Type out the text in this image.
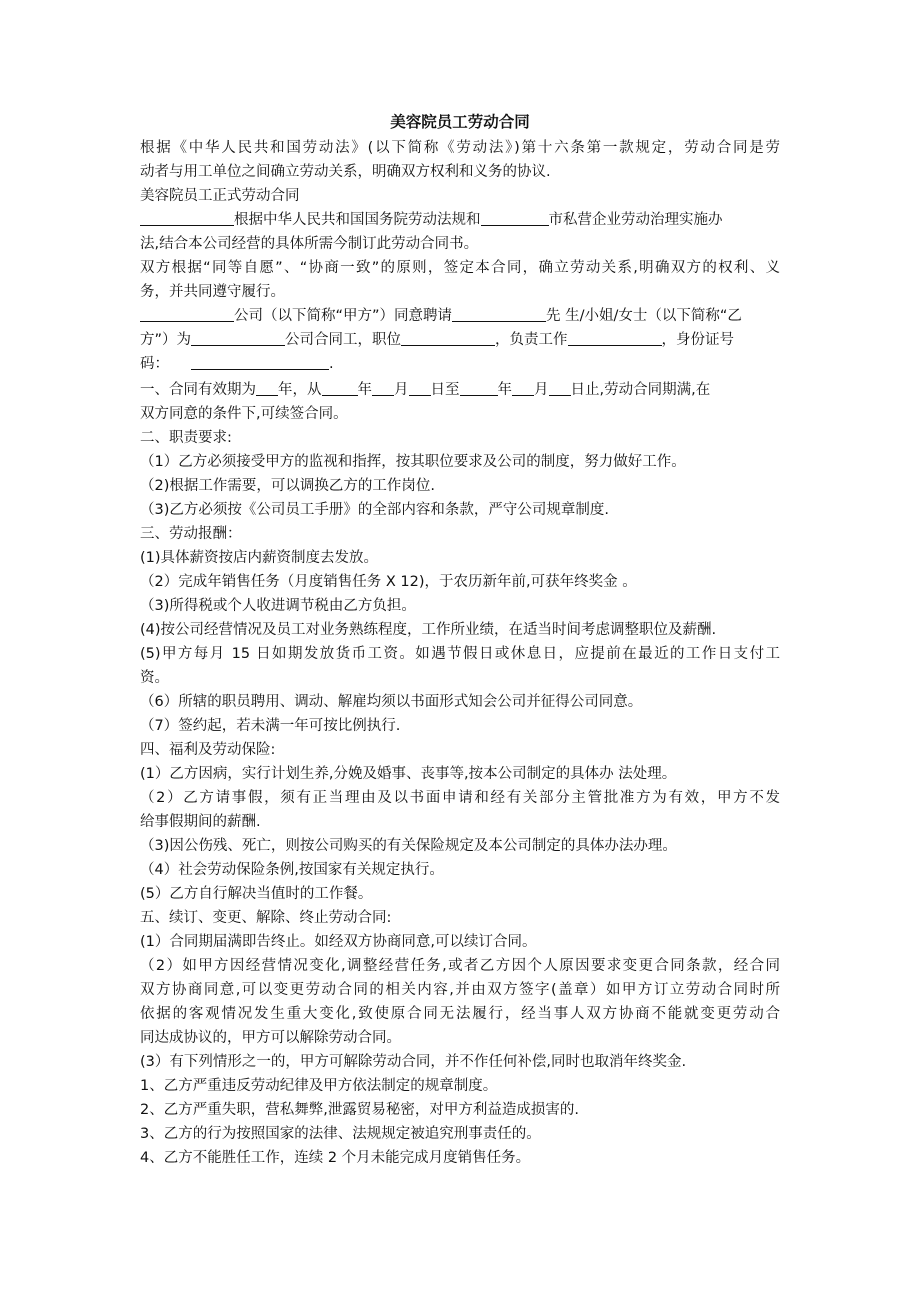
美容院员工劳动合同
根据《中华人民共和国劳动法》(以下简称《劳动法》)第十六条第一款规定，劳动合同是劳
动者与用工单位之间确立劳动关系，明确双方权利和义务的协议.
美容院员工正式劳动合同
根据中华人民共和国国务院劳动法规和	市私营企业劳动治理实施办
法,结合本公司经营的具体所需今制订此劳动合同书。
双方根据“同等自愿”、“协商一致”的原则，签定本合同，确立劳动关系,明确双方的权利、义
务，并共同遵守履行。
公司（以下简称“甲方”）同意聘请	先 生/小姐/女士（以下简称“乙
方”）为	公司合同工，职位	，负责工作	，身份证号
码：	.
一、合同有效期为 年，从 年 月 日至	年 月 日止,劳动合同期满,在
双方同意的条件下,可续签合同。
二、职责要求:
（1）乙方必须接受甲方的监视和指挥，按其职位要求及公司的制度，努力做好工作。
（2)根据工作需要，可以调换乙方的工作岗位.
（3)乙方必须按《公司员工手册》的全部内容和条款，严守公司规章制度.
三、劳动报酬：
(1)具体薪资按店内薪资制度去发放。
（2）完成年销售任务（月度销售任务 X 12)，于农历新年前,可获年终奖金 。
（3)所得税或个人收进调节税由乙方负担。
(4)按公司经营情况及员工对业务熟练程度，工作所业绩，在适当时间考虑调整职位及薪酬.
(5)甲方每月 15 日如期发放货币工资。如遇节假日或休息日，应提前在最近的工作日支付工
资。
（6）所辖的职员聘用、调动、解雇均须以书面形式知会公司并征得公司同意。
（7）签约起，若未满一年可按比例执行.
四、福利及劳动保险:
(1）乙方因病，实行计划生养,分娩及婚事、丧事等,按本公司制定的具体办 法处理。
（2）乙方请事假，须有正当理由及以书面申请和经有关部分主管批准方为有效，甲方不发
给事假期间的薪酬.
（3)因公伤残、死亡，则按公司购买的有关保险规定及本公司制定的具体办法办理。
（4）社会劳动保险条例,按国家有关规定执行。
(5）乙方自行解决当值时的工作餐。
五、续订、变更、解除、终止劳动合同:
(1）合同期届满即告终止。如经双方协商同意,可以续订合同。
（2）如甲方因经营情况变化,调整经营任务,或者乙方因个人原因要求变更合同条款，经合同
双方协商同意,可以变更劳动合同的相关内容,并由双方签字(盖章）如甲方订立劳动合同时所
依据的客观情况发生重大变化,致使原合同无法履行，经当事人双方协商不能就变更劳动合
同达成协议的，甲方可以解除劳动合同。
(3）有下列情形之一的，甲方可解除劳动合同，并不作任何补偿,同时也取消年终奖金.
1、乙方严重违反劳动纪律及甲方依法制定的规章制度。
2、乙方严重失职，营私舞弊,泄露贸易秘密，对甲方利益造成损害的.
3、乙方的行为按照国家的法律、法规规定被追究刑事责任的。
4、乙方不能胜任工作，连续 2 个月未能完成月度销售任务。
